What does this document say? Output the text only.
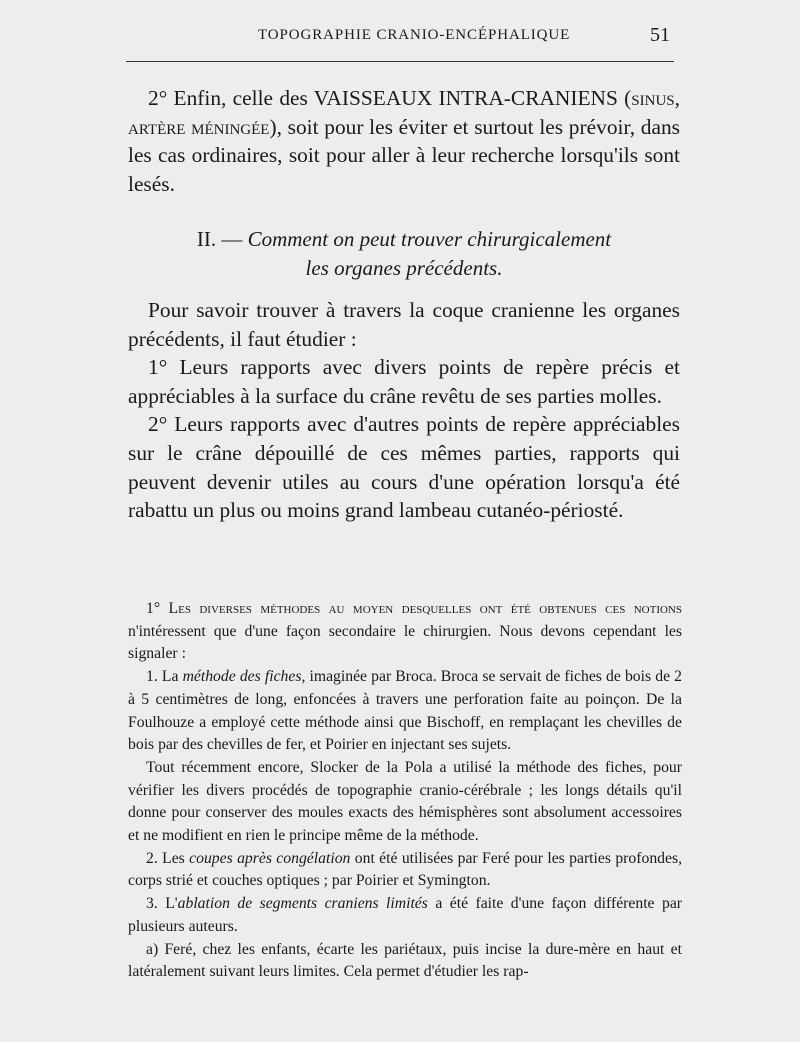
TOPOGRAPHIE CRANIO-ENCÉPHALIQUE	51

2° Enfin, celle des VAISSEAUX INTRA-CRANIENS (sinus, artère méningée), soit pour les éviter et surtout les prévoir, dans les cas ordinaires, soit pour aller à leur recherche lorsqu'ils sont lesés.

II. — Comment on peut trouver chirurgicalement
les organes précédents.

Pour savoir trouver à travers la coque cranienne les organes précédents, il faut étudier :

1° Leurs rapports avec divers points de repère précis et appréciables à la surface du crâne revêtu de ses parties molles.

2° Leurs rapports avec d'autres points de repère appréciables sur le crâne dépouillé de ces mêmes parties, rapports qui peuvent devenir utiles au cours d'une opération lorsqu'a été rabattu un plus ou moins grand lambeau cutanéo-périosté.

1° Les diverses méthodes au moyen desquelles ont été obtenues ces notions n'intéressent que d'une façon secondaire le chirurgien. Nous devons cependant les signaler :

1. La méthode des fiches, imaginée par Broca. Broca se servait de fiches de bois de 2 à 5 centimètres de long, enfoncées à travers une perforation faite au poinçon. De la Foulhouze a employé cette méthode ainsi que Bischoff, en remplaçant les chevilles de bois par des chevilles de fer, et Poirier en injectant ses sujets.

Tout récemment encore, Slocker de la Pola a utilisé la méthode des fiches, pour vérifier les divers procédés de topographie cranio-cérébrale ; les longs détails qu'il donne pour conserver des moules exacts des hémisphères sont absolument accessoires et ne modifient en rien le principe même de la méthode.

2. Les coupes après congélation ont été utilisées par Feré pour les parties profondes, corps strié et couches optiques ; par Poirier et Symington.

3. L'ablation de segments craniens limités a été faite d'une façon différente par plusieurs auteurs.

a) Feré, chez les enfants, écarte les pariétaux, puis incise la dure-mère en haut et latéralement suivant leurs limites. Cela permet d'étudier les rap-
